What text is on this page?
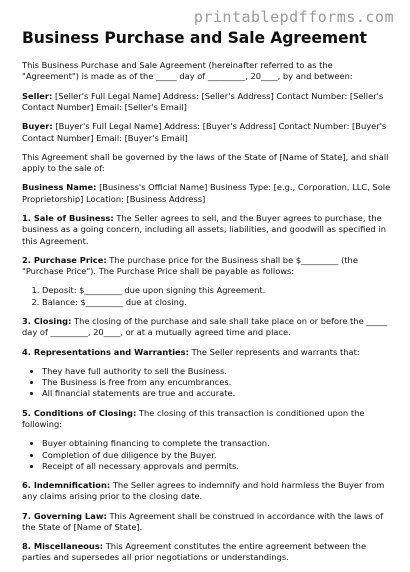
printablepdfforms.com
Business Purchase and Sale Agreement

This Business Purchase and Sale Agreement (hereinafter referred to as the "Agreement") is made as of the _____ day of _________, 20____, by and between:

Seller: [Seller's Full Legal Name] Address: [Seller's Address] Contact Number: [Seller's Contact Number] Email: [Seller's Email]

Buyer: [Buyer's Full Legal Name] Address: [Buyer's Address] Contact Number: [Buyer's Contact Number] Email: [Buyer's Email]

This Agreement shall be governed by the laws of the State of [Name of State], and shall apply to the sale of:

Business Name: [Business's Official Name] Business Type: [e.g., Corporation, LLC, Sole Proprietorship] Location: [Business Address]

1. Sale of Business: The Seller agrees to sell, and the Buyer agrees to purchase, the business as a going concern, including all assets, liabilities, and goodwill as specified in this Agreement.

2. Purchase Price: The purchase price for the Business shall be $_________ (the "Purchase Price"). The Purchase Price shall be payable as follows:

1. Deposit: $_________ due upon signing this Agreement.
2. Balance: $_________ due at closing.

3. Closing: The closing of the purchase and sale shall take place on or before the _____ day of _________, 20____, or at a mutually agreed time and place.

4. Representations and Warranties: The Seller represents and warrants that:

• They have full authority to sell the Business.
• The Business is free from any encumbrances.
• All financial statements are true and accurate.

5. Conditions of Closing: The closing of this transaction is conditioned upon the following:

• Buyer obtaining financing to complete the transaction.
• Completion of due diligence by the Buyer.
• Receipt of all necessary approvals and permits.

6. Indemnification: The Seller agrees to indemnify and hold harmless the Buyer from any claims arising prior to the closing date.

7. Governing Law: This Agreement shall be construed in accordance with the laws of the State of [Name of State].

8. Miscellaneous: This Agreement constitutes the entire agreement between the parties and supersedes all prior negotiations or understandings.
